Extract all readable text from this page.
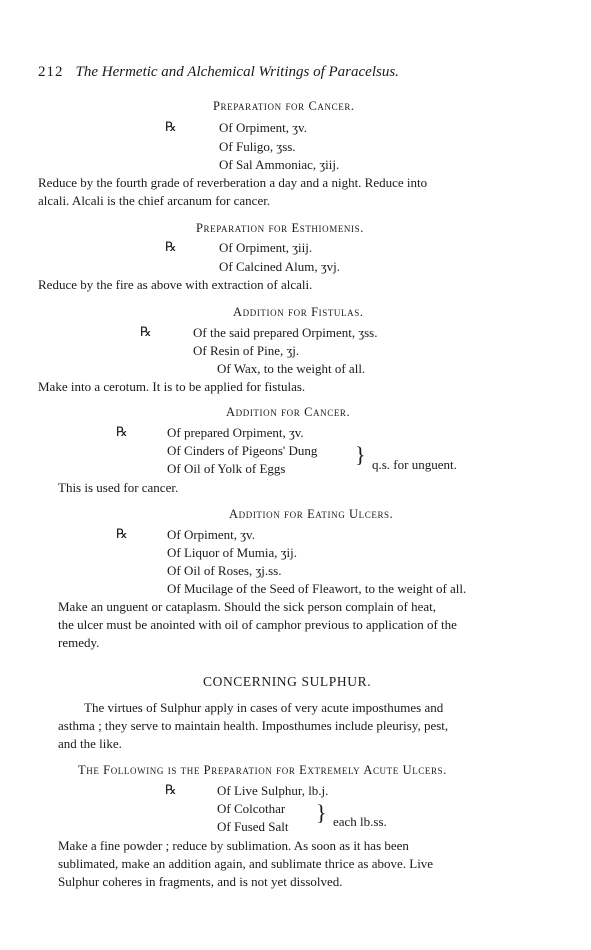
212 The Hermetic and Alchemical Writings of Paracelsus.
Preparation for Cancer.
℞	Of Orpiment, ʒv.
Of Fuligo, ʒss.
Of Sal Ammoniac, ʒiij.
Reduce by the fourth grade of reverberation a day and a night. Reduce into
alcali. Alcali is the chief arcanum for cancer.
Preparation for Esthiomenis.
℞	Of Orpiment, ʒiij.
Of Calcined Alum, ʒvj.
Reduce by the fire as above with extraction of alcali.
Addition for Fistulas.
℞	Of the said prepared Orpiment, ʒss.
Of Resin of Pine, ʒj.
Of Wax, to the weight of all.
Make into a cerotum. It is to be applied for fistulas.
Addition for Cancer.
℞	Of prepared Orpiment, ʒv.
Of Cinders of Pigeons' Dung
Of Oil of Yolk of Eggs
} q.s. for unguent.
This is used for cancer.
Addition for Eating Ulcers.
℞	Of Orpiment, ʒv.
Of Liquor of Mumia, ʒij.
Of Oil of Roses, ʒj.ss.
Of Mucilage of the Seed of Fleawort, to the weight of all.
Make an unguent or cataplasm. Should the sick person complain of heat,
the ulcer must be anointed with oil of camphor previous to application of the
remedy.
CONCERNING SULPHUR.
The virtues of Sulphur apply in cases of very acute imposthumes and
asthma ; they serve to maintain health. Imposthumes include pleurisy, pest,
and the like.
The Following is the Preparation for Extremely Acute Ulcers.
℞	Of Live Sulphur, lb.j.
Of Colcothar
Of Fused Salt
} each lb.ss.
Make a fine powder ; reduce by sublimation. As soon as it has been
sublimated, make an addition again, and sublimate thrice as above. Live
Sulphur coheres in fragments, and is not yet dissolved.
